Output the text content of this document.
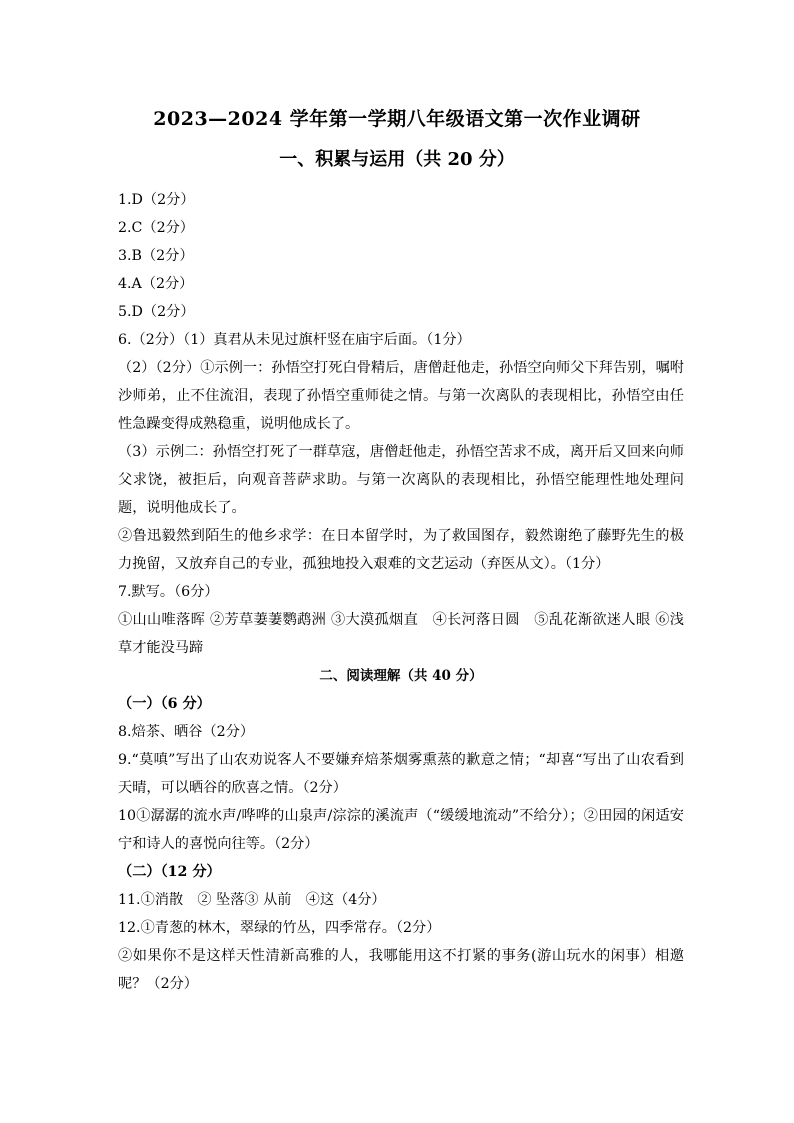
2023—2024 学年第一学期八年级语文第一次作业调研
一、积累与运用（共 20 分）

1.D（2分）

2.C（2分）

3.B（2分）

4.A（2分）

5.D（2分）

6.（2分）（1）真君从未见过旗杆竖在庙宇后面。（1分）

（2）（2分）①示例一：孙悟空打死白骨精后，唐僧赶他走，孙悟空向师父下拜告别，嘱咐沙师弟，止不住流泪，表现了孙悟空重师徒之情。与第一次离队的表现相比，孙悟空由任性急躁变得成熟稳重，说明他成长了。

（3）示例二：孙悟空打死了一群草寇，唐僧赶他走，孙悟空苦求不成，离开后又回来向师父求饶，被拒后，向观音菩萨求助。与第一次离队的表现相比，孙悟空能理性地处理问题，说明他成长了。

②鲁迅毅然到陌生的他乡求学：在日本留学时，为了救国图存，毅然谢绝了藤野先生的极力挽留，又放弃自己的专业，孤独地投入艰难的文艺运动（弃医从文）。（1分）

7.默写。（6分）

①山山唯落晖 ②芳草萋萋鹦鹉洲 ③大漠孤烟直　④长河落日圆　⑤乱花渐欲迷人眼 ⑥浅草才能没马蹄

二、阅读理解（共 40 分）

（一）（6 分）

8.焙茶、晒谷（2分）

9.“莫嗔”写出了山农劝说客人不要嫌弃焙茶烟雾熏蒸的歉意之情；“却喜“写出了山农看到天晴，可以晒谷的欣喜之情。（2分）

10①潺潺的流水声/哗哗的山泉声/淙淙的溪流声（“缓缓地流动”不给分）；②田园的闲适安宁和诗人的喜悦向往等。（2分）

（二）（12 分）

11.①消散　② 坠落③ 从前　④这（4分）

12.①青葱的林木，翠绿的竹丛，四季常存。（2分）

②如果你不是这样天性清新高雅的人，我哪能用这不打紧的事务(游山玩水的闲事）相邀呢？（2分）
